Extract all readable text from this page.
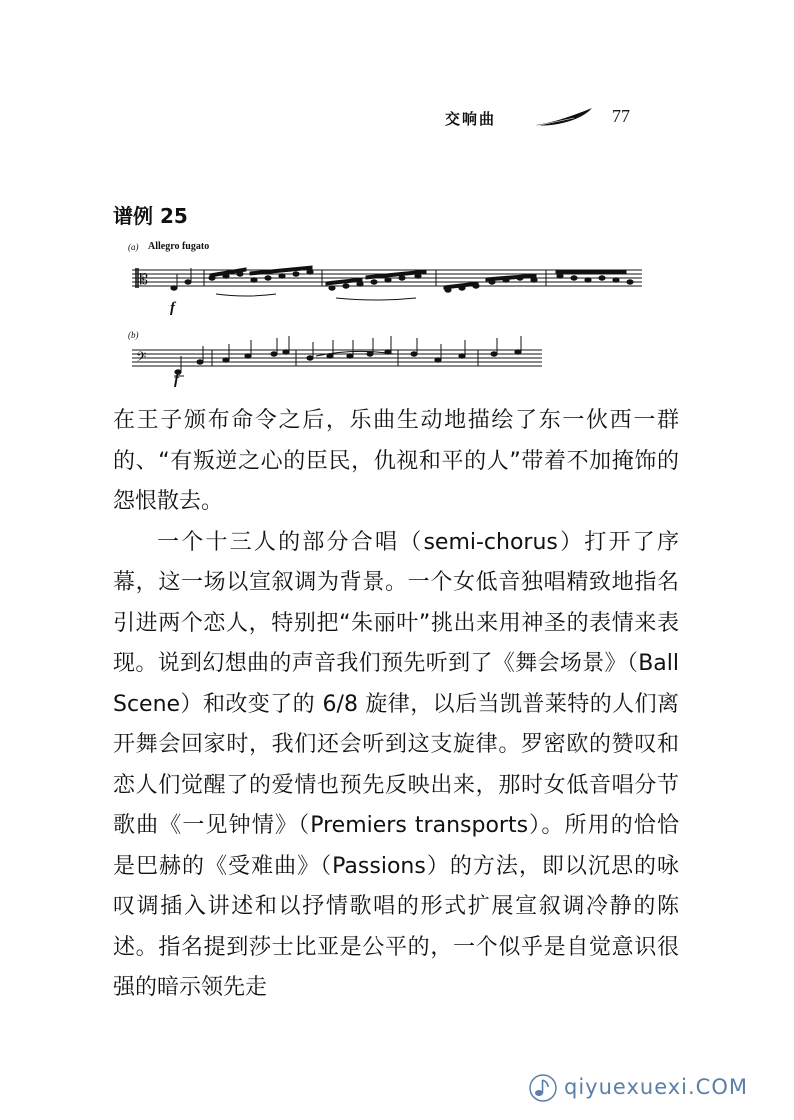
交响曲	77
谱例 25
(a) Allegro fugato
f
(b)
f
𝄡
𝄢

在王子颁布命令之后，乐曲生动地描绘了东一伙西一群的、“有叛逆之心的臣民，仇视和平的人”带着不加掩饰的怨恨散去。

一个十三人的部分合唱（semi-chorus）打开了序幕，这一场以宣叙调为背景。一个女低音独唱精致地指名引进两个恋人，特别把“朱丽叶”挑出来用神圣的表情来表现。说到幻想曲的声音我们预先听到了《舞会场景》（Ball Scene）和改变了的 6/8 旋律，以后当凯普莱特的人们离开舞会回家时，我们还会听到这支旋律。罗密欧的赞叹和恋人们觉醒了的爱情也预先反映出来，那时女低音唱分节歌曲《一见钟情》（Premiers transports）。所用的恰恰是巴赫的《受难曲》（Passions）的方法，即以沉思的咏叹调插入讲述和以抒情歌唱的形式扩展宣叙调冷静的陈述。指名提到莎士比亚是公平的，一个似乎是自觉意识很强的暗示领先走

qiyuexuexi.COM
